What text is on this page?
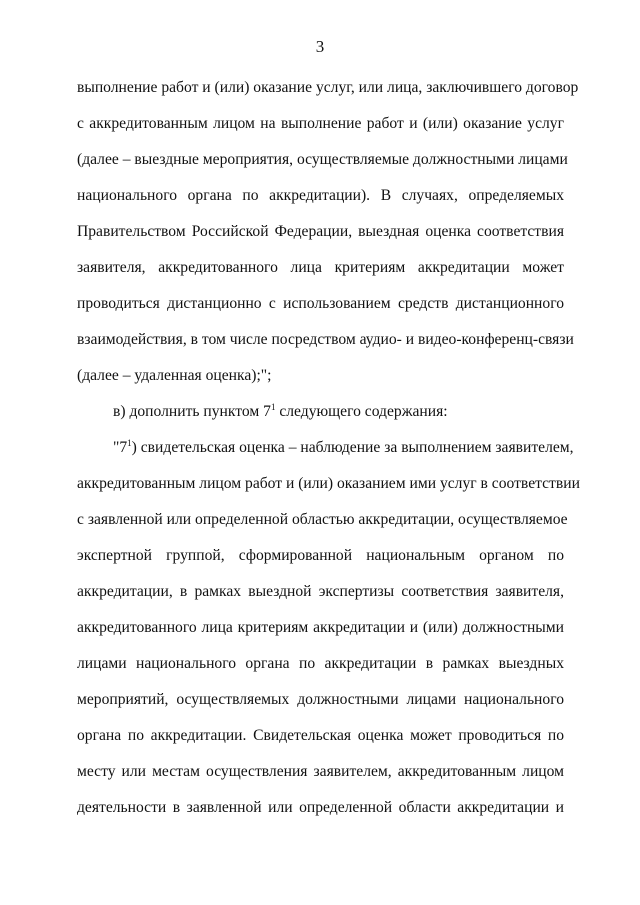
3
выполнение работ и (или) оказание услуг, или лица, заключившего договор
с аккредитованным лицом на выполнение работ и (или) оказание услуг
(далее – выездные мероприятия, осуществляемые должностными лицами
национального органа по аккредитации). В случаях, определяемых
Правительством Российской Федерации, выездная оценка соответствия
заявителя, аккредитованного лица критериям аккредитации может
проводиться дистанционно с использованием средств дистанционного
взаимодействия, в том числе посредством аудио- и видео-конференц-связи
(далее – удаленная оценка);";
в) дополнить пунктом $7^1$ следующего содержания:
"$7^1$) свидетельская оценка – наблюдение за выполнением заявителем,
аккредитованным лицом работ и (или) оказанием ими услуг в соответствии
с заявленной или определенной областью аккредитации, осуществляемое
экспертной группой, сформированной национальным органом по
аккредитации, в рамках выездной экспертизы соответствия заявителя,
аккредитованного лица критериям аккредитации и (или) должностными
лицами национального органа по аккредитации в рамках выездных
мероприятий, осуществляемых должностными лицами национального
органа по аккредитации. Свидетельская оценка может проводиться по
месту или местам осуществления заявителем, аккредитованным лицом
деятельности в заявленной или определенной области аккредитации и
